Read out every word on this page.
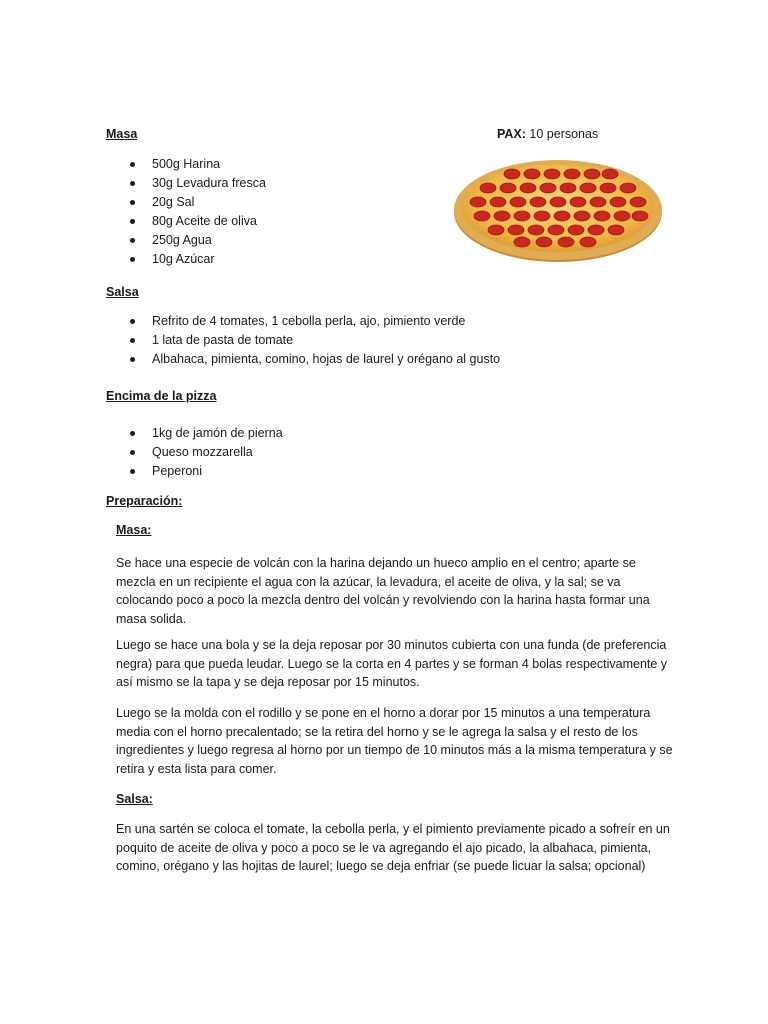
Masa	PAX: 10 personas
500g Harina
30g Levadura fresca
20g Sal
80g Aceite de oliva
250g Agua
10g Azúcar
Salsa
Refrito de 4 tomates, 1 cebolla perla, ajo, pimiento verde
1 lata de pasta de tomate
Albahaca, pimienta, comino, hojas de laurel y orégano al gusto
Encima de la pizza
1kg de jamón de pierna
Queso mozzarella
Peperoni
Preparación:
Masa:

Se hace una especie de volcán con la harina dejando un hueco amplio en el centro; aparte se mezcla en un recipiente el agua con la azúcar, la levadura, el aceite de oliva, y la sal; se va colocando poco a poco la mezcla dentro del volcán y revolviendo con la harina hasta formar una masa solida.

Luego se hace una bola y se la deja reposar por 30 minutos cubierta con una funda (de preferencia negra) para que pueda leudar. Luego se la corta en 4 partes y se forman 4 bolas respectivamente y así mismo se la tapa y se deja reposar por 15 minutos.

Luego se la molda con el rodillo y se pone en el horno a dorar por 15 minutos a una temperatura media con el horno precalentado; se la retira del horno y se le agrega la salsa y el resto de los ingredientes y luego regresa al horno por un tiempo de 10 minutos más a la misma temperatura y se retira y esta lista para comer.

Salsa:

En una sartén se coloca el tomate, la cebolla perla, y el pimiento previamente picado a sofreír en un poquito de aceite de oliva y poco a poco se le va agregando el ajo picado, la albahaca, pimienta, comino, orégano y las hojitas de laurel; luego se deja enfriar (se puede licuar la salsa; opcional)
